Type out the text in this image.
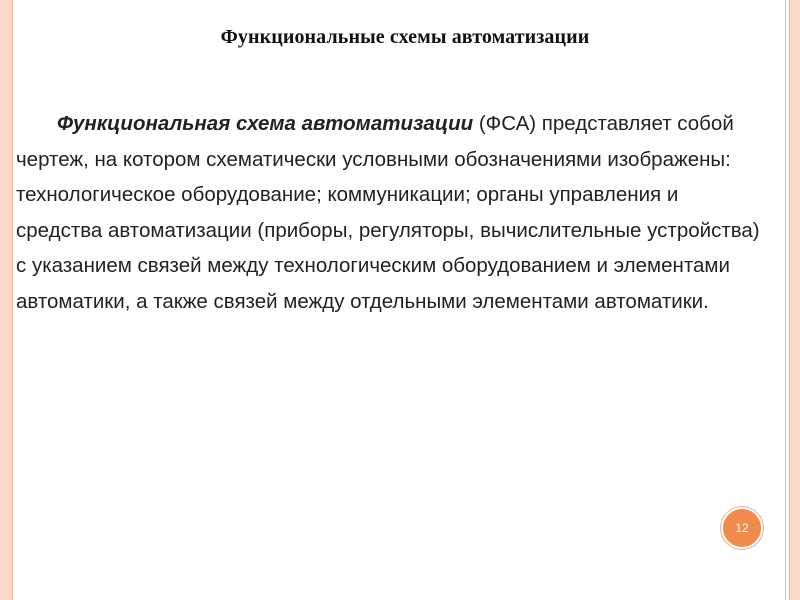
Функциональные схемы автоматизации
Функциональная схема автоматизации (ФСА) представляет собой чертеж, на котором схематически условными обозначениями изображены: технологическое оборудование; коммуникации; органы управления и средства автоматизации (приборы, регуляторы, вычислительные устройства) с указанием связей между технологическим оборудованием и элементами автоматики, а также связей между отдельными элементами автоматики.
12
